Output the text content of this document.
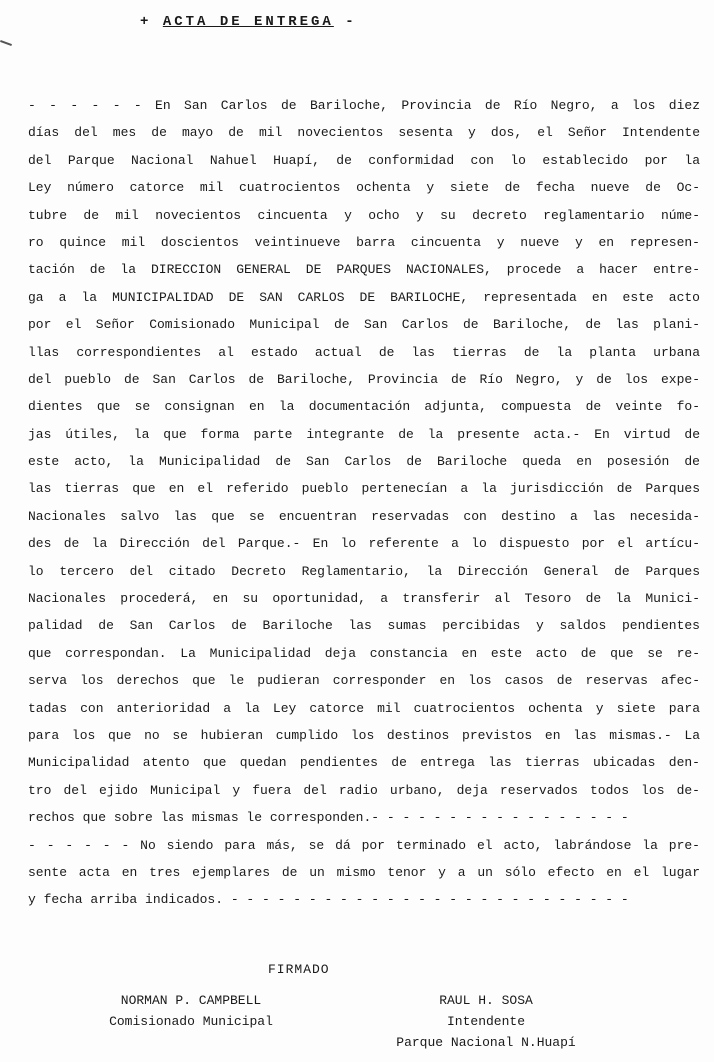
+ ACTA DE ENTREGA -
- - - - - - En San Carlos de Bariloche, Provincia de Río Negro, a los diez
días del mes de mayo de mil novecientos sesenta y dos, el Señor Intendente
del Parque Nacional Nahuel Huapí, de conformidad con lo establecido por la
Ley número catorce mil cuatrocientos ochenta y siete de fecha nueve de Oc-
tubre de mil novecientos cincuenta y ocho y su decreto reglamentario núme-
ro quince mil doscientos veintinueve barra cincuenta y nueve y en represen-
tación de la DIRECCION GENERAL DE PARQUES NACIONALES, procede a hacer entre-
ga a la MUNICIPALIDAD DE SAN CARLOS DE BARILOCHE, representada en este acto
por el Señor Comisionado Municipal de San Carlos de Bariloche, de las plani-
llas correspondientes al estado actual de las tierras de la planta urbana
del pueblo de San Carlos de Bariloche, Provincia de Río Negro, y de los expe-
dientes que se consignan en la documentación adjunta, compuesta de veinte fo-
jas útiles, la que forma parte integrante de la presente acta.- En virtud de
este acto, la Municipalidad de San Carlos de Bariloche queda en posesión de
las tierras que en el referido pueblo pertenecían a la jurisdicción de Parques
Nacionales salvo las que se encuentran reservadas con destino a las necesida-
des de la Dirección del Parque.- En lo referente a lo dispuesto por el artícu-
lo tercero del citado Decreto Reglamentario, la Dirección General de Parques
Nacionales procederá, en su oportunidad, a transferir al Tesoro de la Munici-
palidad de San Carlos de Bariloche las sumas percibidas y saldos pendientes
que correspondan. La Municipalidad deja constancia en este acto de que se re-
serva los derechos que le pudieran corresponder en los casos de reservas afec-
tadas con anterioridad a la Ley catorce mil cuatrocientos ochenta y siete para
para los que no se hubieran cumplido los destinos previstos en las mismas.- La
Municipalidad atento que quedan pendientes de entrega las tierras ubicadas den-
tro del ejido Municipal y fuera del radio urbano, deja reservados todos los de-
rechos que sobre las mismas le corresponden.- - - - - - - - - - - - - - - - -
- - - - - - No siendo para más, se dá por terminado el acto, labrándose la pre-
sente acta en tres ejemplares de un mismo tenor y a un sólo efecto en el lugar
y fecha arriba indicados. - - - - - - - - - - - - - - - - - - - - - - - - - -
FIRMADO
NORMAN P. CAMPBELL
Comisionado Municipal
RAUL H. SOSA
Intendente
Parque Nacional N.Huapí
